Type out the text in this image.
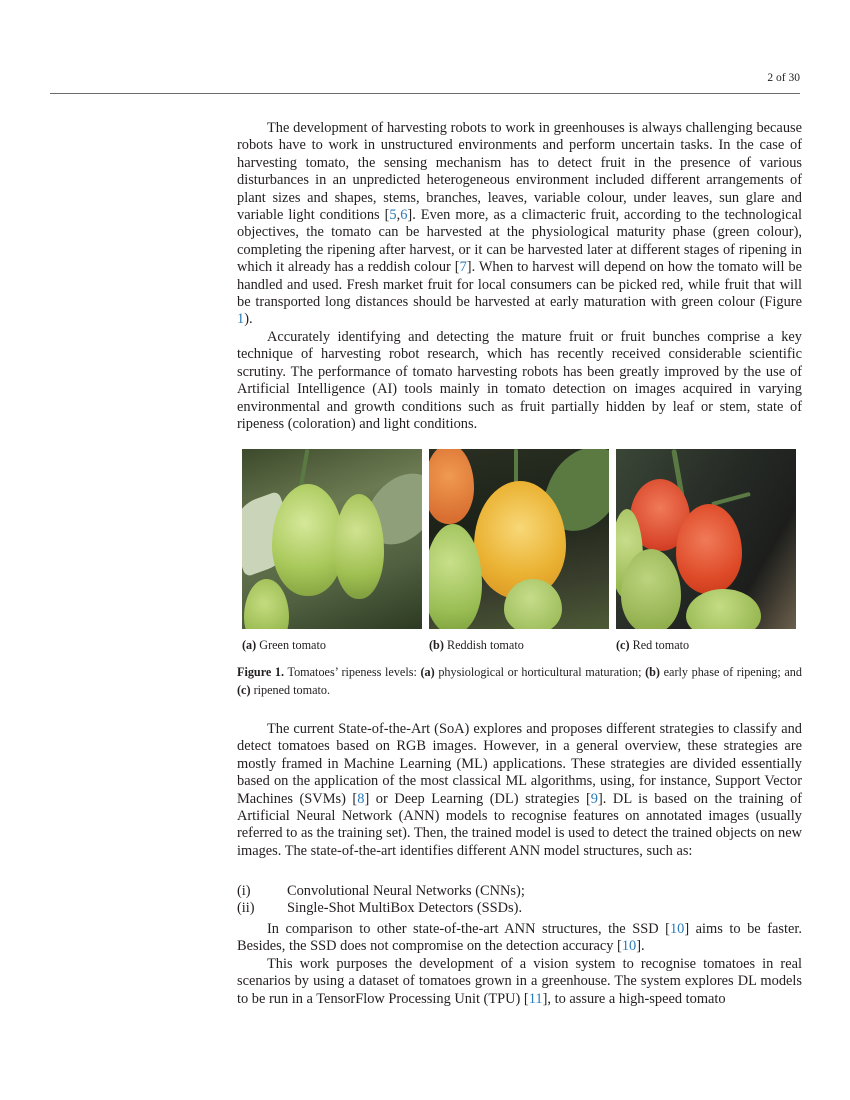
2 of 30

The development of harvesting robots to work in greenhouses is always challenging because robots have to work in unstructured environments and perform uncertain tasks. In the case of harvesting tomato, the sensing mechanism has to detect fruit in the presence of various disturbances in an unpredicted heterogeneous environment included different arrangements of plant sizes and shapes, stems, branches, leaves, variable colour, under leaves, sun glare and variable light conditions [5,6]. Even more, as a climacteric fruit, according to the technological objectives, the tomato can be harvested at the physiological maturity phase (green colour), completing the ripening after harvest, or it can be harvested later at different stages of ripening in which it already has a reddish colour [7]. When to harvest will depend on how the tomato will be handled and used. Fresh market fruit for local consumers can be picked red, while fruit that will be transported long distances should be harvested at early maturation with green colour (Figure 1).

Accurately identifying and detecting the mature fruit or fruit bunches comprise a key technique of harvesting robot research, which has recently received considerable scientific scrutiny. The performance of tomato harvesting robots has been greatly improved by the use of Artificial Intelligence (AI) tools mainly in tomato detection on images acquired in varying environmental and growth conditions such as fruit partially hidden by leaf or stem, state of ripeness (coloration) and light conditions.

(a) Green tomato	(b) Reddish tomato	(c) Red tomato
Figure 1. Tomatoes’ ripeness levels: (a) physiological or horticultural maturation; (b) early phase of ripening; and (c) ripened tomato.

The current State-of-the-Art (SoA) explores and proposes different strategies to classify and detect tomatoes based on RGB images. However, in a general overview, these strategies are mostly framed in Machine Learning (ML) applications. These strategies are divided essentially based on the application of the most classical ML algorithms, using, for instance, Support Vector Machines (SVMs) [8] or Deep Learning (DL) strategies [9]. DL is based on the training of Artificial Neural Network (ANN) models to recognise features on annotated images (usually referred to as the training set). Then, the trained model is used to detect the trained objects on new images. The state-of-the-art identifies different ANN model structures, such as:

(i)	Convolutional Neural Networks (CNNs);
(ii)	Single-Shot MultiBox Detectors (SSDs).

In comparison to other state-of-the-art ANN structures, the SSD [10] aims to be faster. Besides, the SSD does not compromise on the detection accuracy [10].

This work purposes the development of a vision system to recognise tomatoes in real scenarios by using a dataset of tomatoes grown in a greenhouse. The system explores DL models to be run in a TensorFlow Processing Unit (TPU) [11], to assure a high-speed tomato
